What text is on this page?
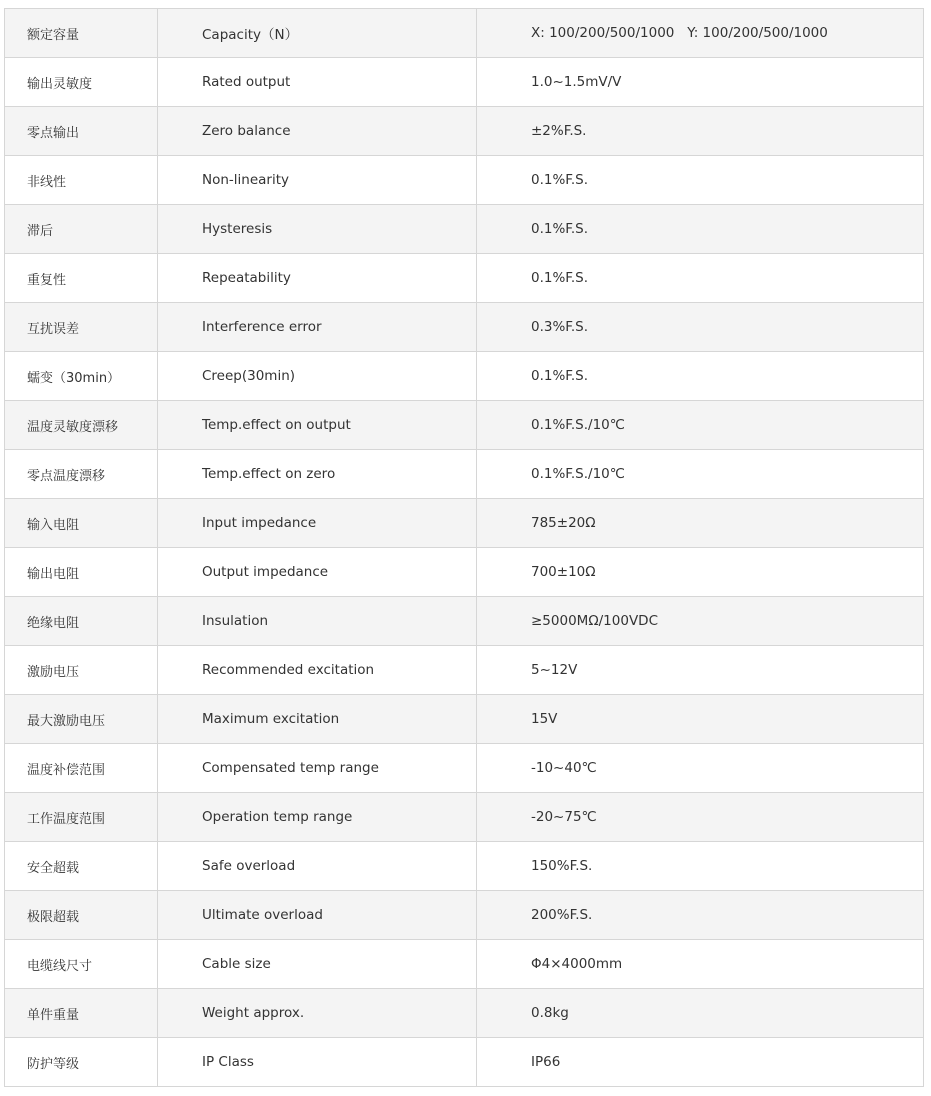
额定容量	Capacity（N）	X: 100/200/500/1000   Y: 100/200/500/1000
输出灵敏度	Rated output	1.0~1.5mV/V
零点输出	Zero balance	±2%F.S.
非线性	Non-linearity	0.1%F.S.
滞后	Hysteresis	0.1%F.S.
重复性	Repeatability	0.1%F.S.
互扰误差	Interference error	0.3%F.S.
蠕变（30min）	Creep(30min)	0.1%F.S.
温度灵敏度漂移	Temp.effect on output	0.1%F.S./10℃
零点温度漂移	Temp.effect on zero	0.1%F.S./10℃
输入电阻	Input impedance	785±20Ω
输出电阻	Output impedance	700±10Ω
绝缘电阻	Insulation	≥5000MΩ/100VDC
激励电压	Recommended excitation	5~12V
最大激励电压	Maximum excitation	15V
温度补偿范围	Compensated temp range	-10~40℃
工作温度范围	Operation temp range	-20~75℃
安全超载	Safe overload	150%F.S.
极限超载	Ultimate overload	200%F.S.
电缆线尺寸	Cable size	Φ4×4000mm
单件重量	Weight approx.	0.8kg
防护等级	IP Class	IP66
